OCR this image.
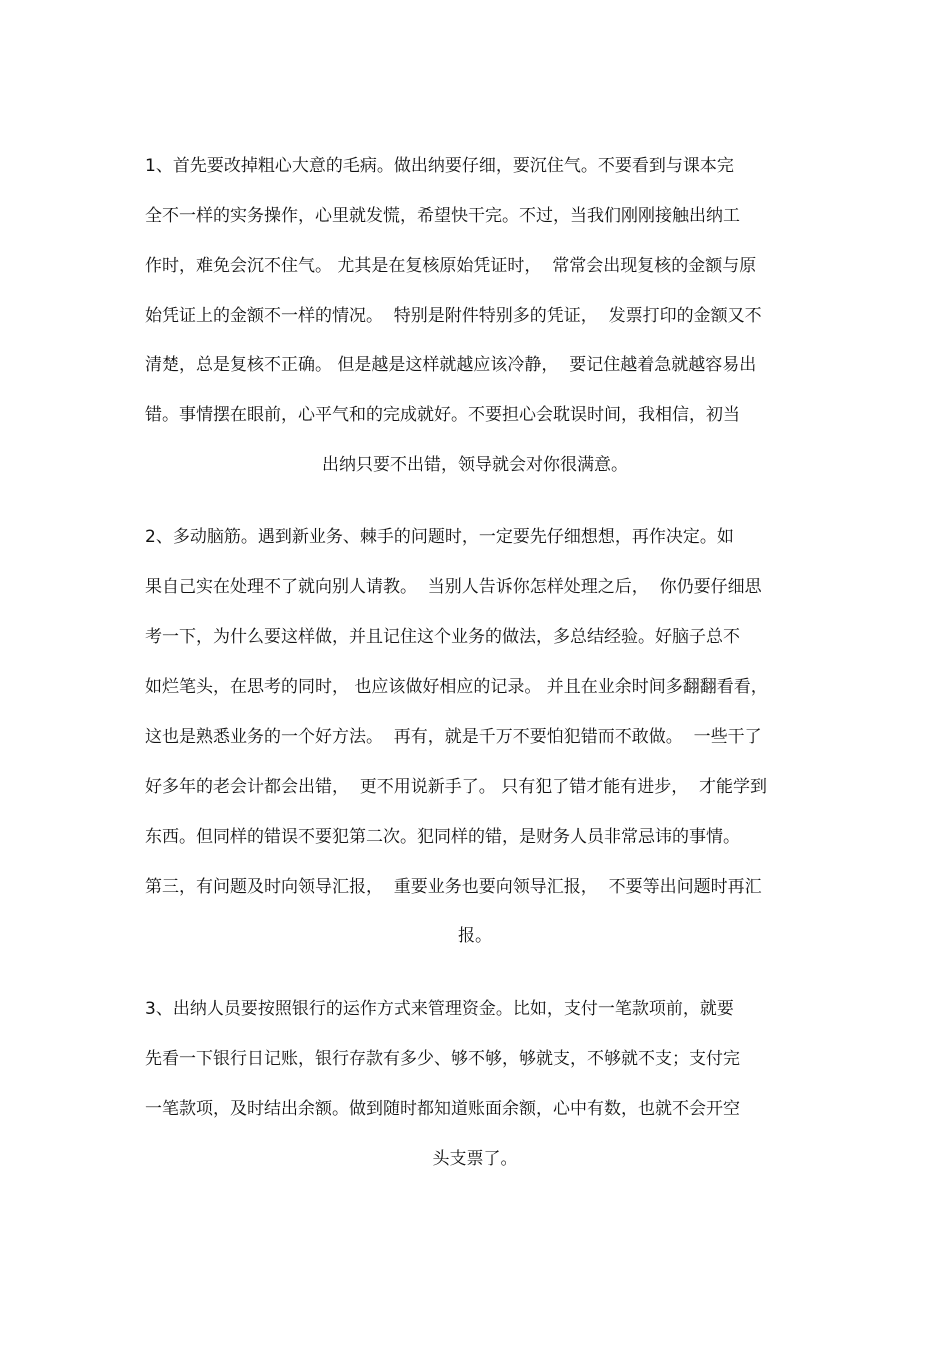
1、首先要改掉粗心大意的毛病。做出纳要仔细，要沉住气。不要看到与课本完
全不一样的实务操作，心里就发慌，希望快干完。不过，当我们刚刚接触出纳工
作时，难免会沉不住气。 尤其是在复核原始凭证时，  常常会出现复核的金额与原
始凭证上的金额不一样的情况。  特别是附件特别多的凭证，  发票打印的金额又不
清楚，总是复核不正确。 但是越是这样就越应该冷静，  要记住越着急就越容易出
错。事情摆在眼前，心平气和的完成就好。不要担心会耽误时间，我相信，初当
出纳只要不出错，领导就会对你很满意。
2、多动脑筋。遇到新业务、棘手的问题时，一定要先仔细想想，再作决定。如
果自己实在处理不了就向别人请教。  当别人告诉你怎样处理之后，  你仍要仔细思
考一下，为什么要这样做，并且记住这个业务的做法，多总结经验。好脑子总不
如烂笔头，在思考的同时， 也应该做好相应的记录。 并且在业余时间多翻翻看看，
这也是熟悉业务的一个好方法。  再有，就是千万不要怕犯错而不敢做。  一些干了
好多年的老会计都会出错，  更不用说新手了。 只有犯了错才能有进步，  才能学到
东西。但同样的错误不要犯第二次。犯同样的错，是财务人员非常忌讳的事情。
第三，有问题及时向领导汇报，  重要业务也要向领导汇报，  不要等出问题时再汇
报。
3、出纳人员要按照银行的运作方式来管理资金。比如，支付一笔款项前，就要
先看一下银行日记账，银行存款有多少、够不够，够就支，不够就不支；支付完
一笔款项，及时结出余额。做到随时都知道账面余额，心中有数，也就不会开空
头支票了。
